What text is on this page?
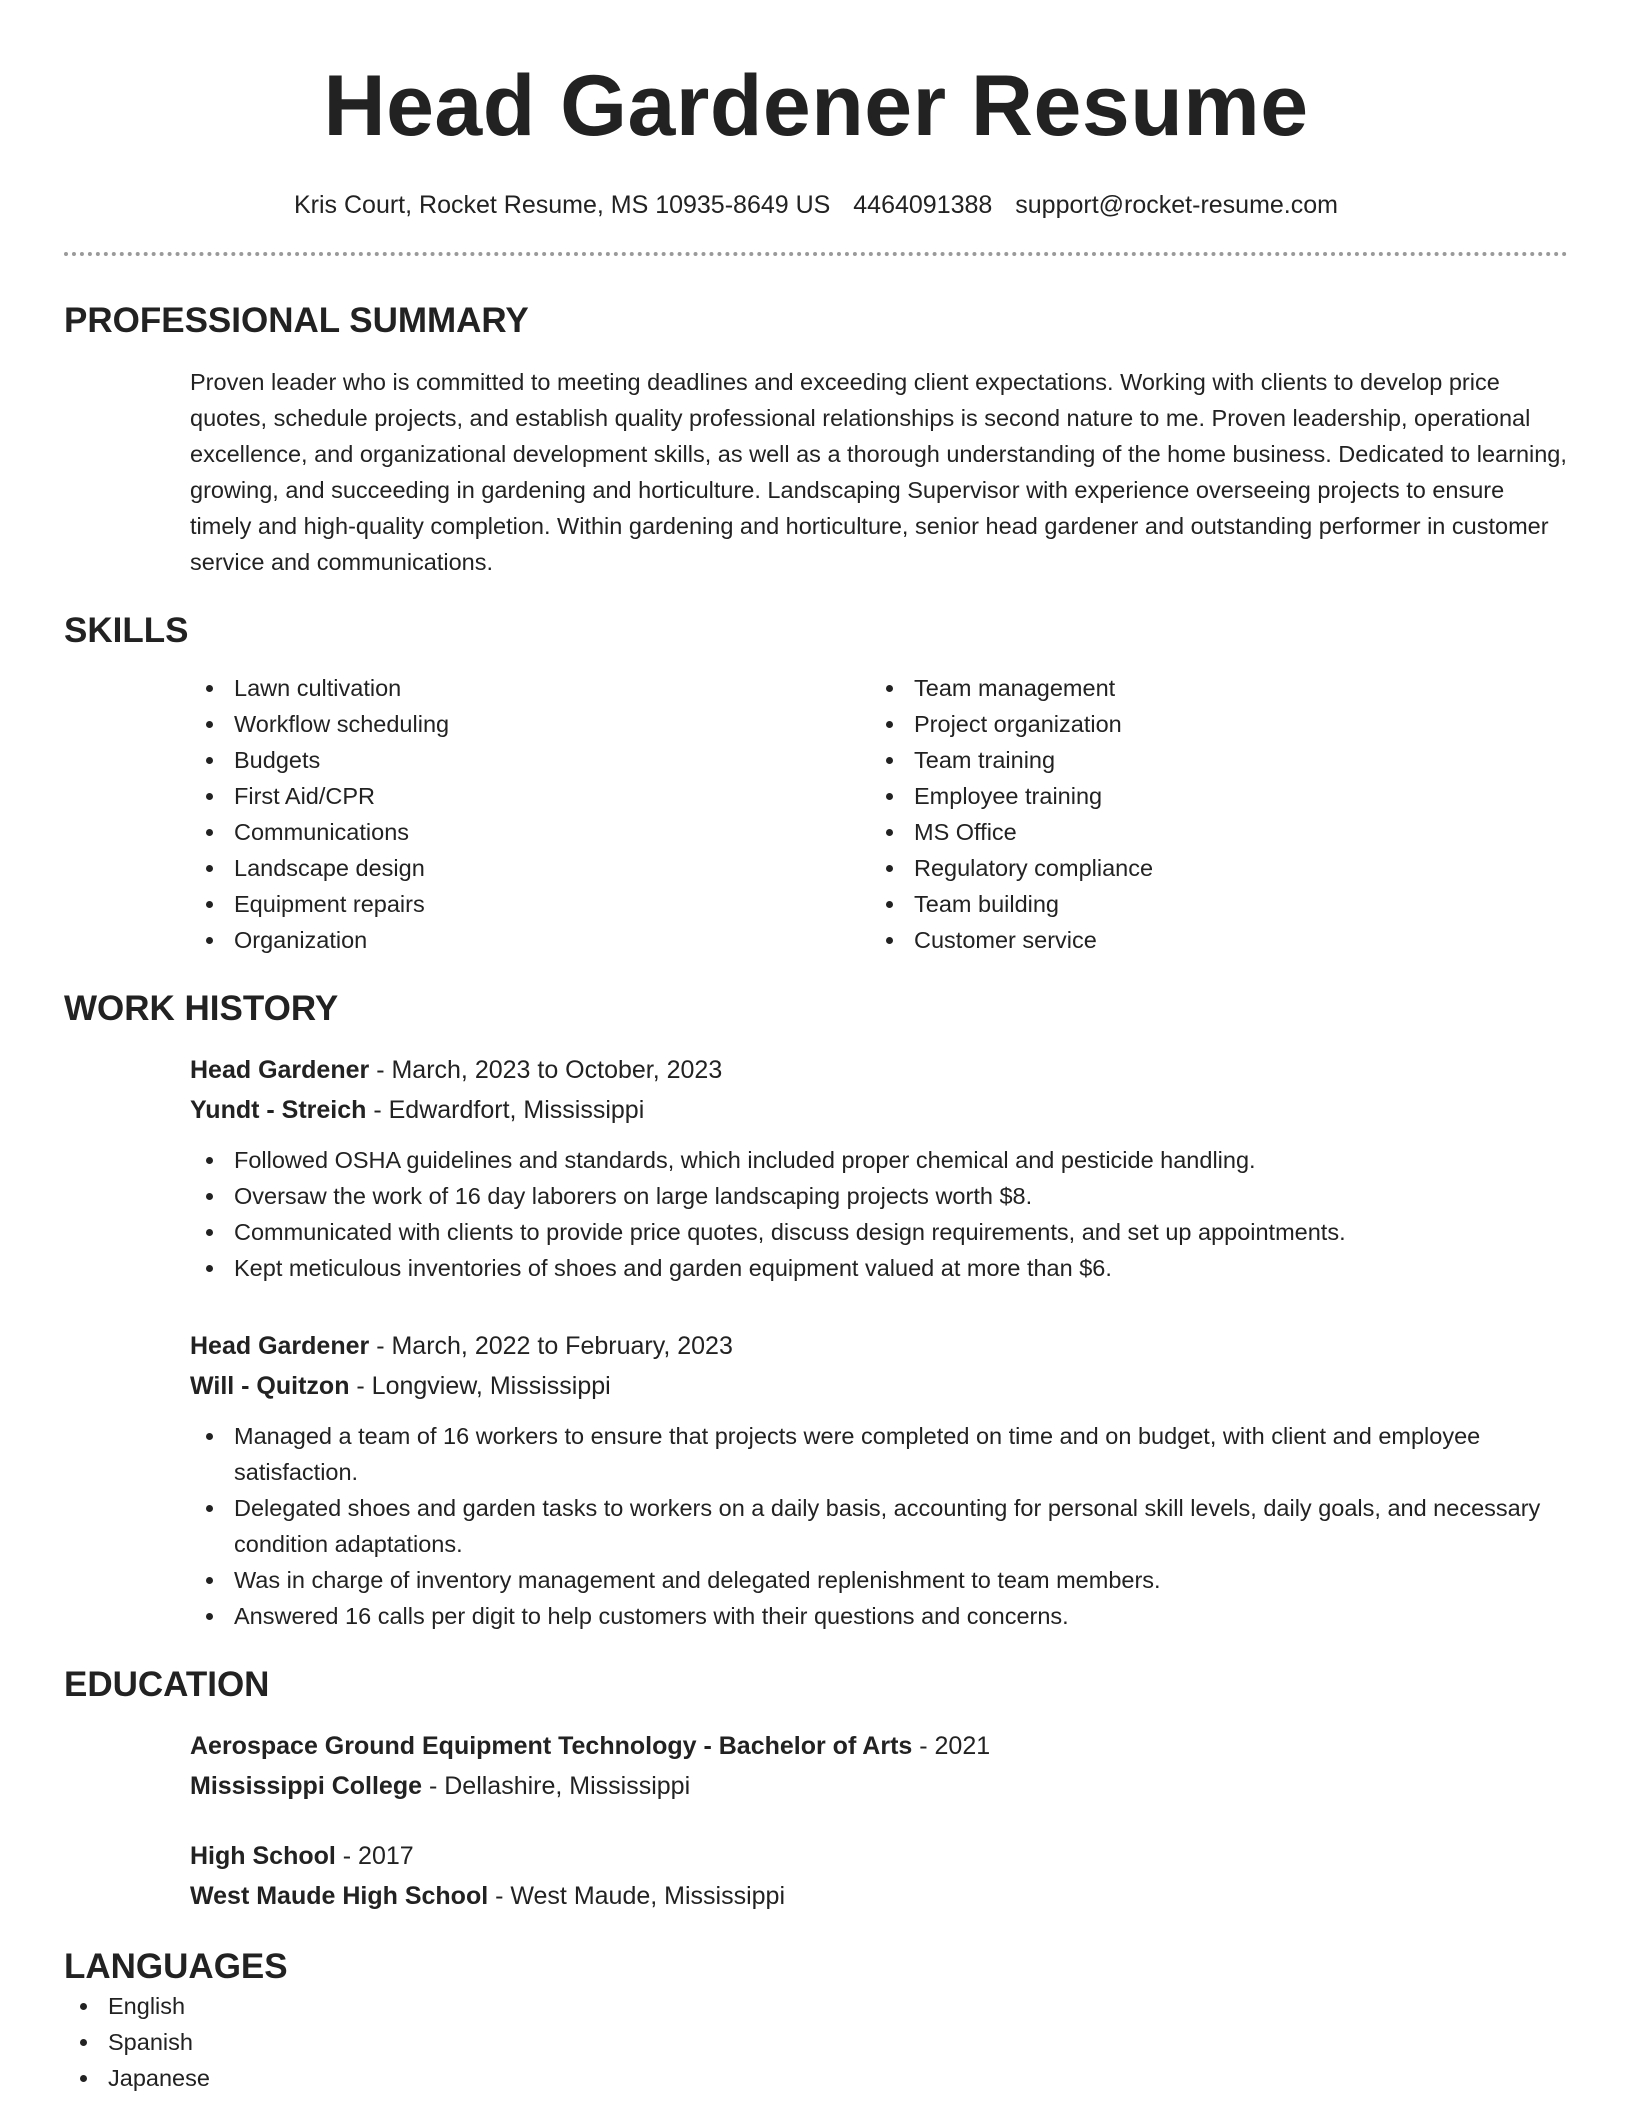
Head Gardener Resume
Kris Court, Rocket Resume, MS 10935-8649 US 4464091388 support@rocket-resume.com
PROFESSIONAL SUMMARY

Proven leader who is committed to meeting deadlines and exceeding client expectations. Working with clients to develop price quotes, schedule projects, and establish quality professional relationships is second nature to me. Proven leadership, operational excellence, and organizational development skills, as well as a thorough understanding of the home business. Dedicated to learning, growing, and succeeding in gardening and horticulture. Landscaping Supervisor with experience overseeing projects to ensure timely and high-quality completion. Within gardening and horticulture, senior head gardener and outstanding performer in customer service and communications.

SKILLS
Lawn cultivation
Workflow scheduling
Budgets
First Aid/CPR
Communications
Landscape design
Equipment repairs
Organization
Team management
Project organization
Team training
Employee training
MS Office
Regulatory compliance
Team building
Customer service
WORK HISTORY
Head Gardener - March, 2023 to October, 2023
Yundt - Streich - Edwardfort, Mississippi
Followed OSHA guidelines and standards, which included proper chemical and pesticide handling.
Oversaw the work of 16 day laborers on large landscaping projects worth $8.
Communicated with clients to provide price quotes, discuss design requirements, and set up appointments.
Kept meticulous inventories of shoes and garden equipment valued at more than $6.
Head Gardener - March, 2022 to February, 2023
Will - Quitzon - Longview, Mississippi
Managed a team of 16 workers to ensure that projects were completed on time and on budget, with client and employee satisfaction.
Delegated shoes and garden tasks to workers on a daily basis, accounting for personal skill levels, daily goals, and necessary condition adaptations.
Was in charge of inventory management and delegated replenishment to team members.
Answered 16 calls per digit to help customers with their questions and concerns.
EDUCATION
Aerospace Ground Equipment Technology - Bachelor of Arts - 2021
Mississippi College - Dellashire, Mississippi
High School - 2017
West Maude High School - West Maude, Mississippi
LANGUAGES
English
Spanish
Japanese
